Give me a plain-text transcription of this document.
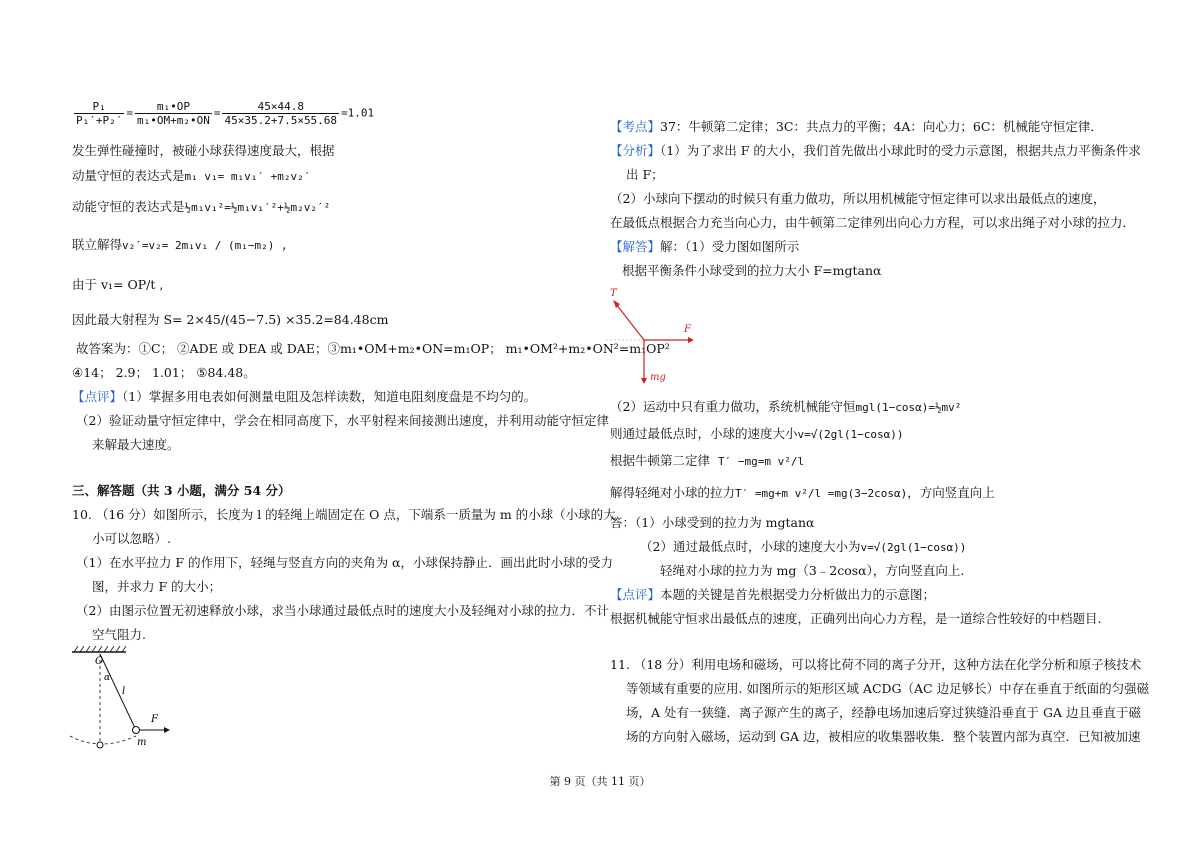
$\frac{\text{P₁}}{\text{P₁′+P₂′}} = \frac{\text{m₁•OP}}{\text{m₁•OM+m₂•ON}} = \frac{45\times 44.8}{45\times 35.2+7.5\times 55.68} =1.01$
发生弹性碰撞时，被碰小球获得速度最大，根据
动量守恒的表达式是m₁ v₁= m₁v₁′ +m₂v₂′
动能守恒的表达式是½m₁v₁²=½m₁v₁′²+½m₂v₂′²
联立解得v₂′=v₂= 2m₁v₁ / (m₁−m₂) ,
由于 v₁= OP/t ,
因此最大射程为 S= 2×45/(45−7.5) ×35.2=84.48cm
故答案为：①C； ②ADE 或 DEA 或 DAE；③m₁•OM+m₂•ON=m₁OP； m₁•OM²+m₂•ON²=m₁OP²
④14； 2.9； 1.01； ⑤84.48。
【点评】（1）掌握多用电表如何测量电阻及怎样读数，知道电阻刻度盘是不均匀的。
（2）验证动量守恒定律中，学会在相同高度下，水平射程来间接测出速度，并利用动能守恒定律
来解最大速度。
三、解答题（共 3 小题，满分 54 分）
10. （16 分）如图所示，长度为 l 的轻绳上端固定在 O 点，下端系一质量为 m 的小球（小球的大
小可以忽略）.
（1）在水平拉力 F 的作用下，轻绳与竖直方向的夹角为 α，小球保持静止．画出此时小球的受力
图，并求力 F 的大小；
（2）由图示位置无初速释放小球，求当小球通过最低点时的速度大小及轻绳对小球的拉力．不计
空气阻力.
O
α
l
F
m
【考点】37：牛顿第二定律；3C：共点力的平衡；4A：向心力；6C：机械能守恒定律．
【分析】（1）为了求出 F 的大小，我们首先做出小球此时的受力示意图，根据共点力平衡条件求
出 F；
（2）小球向下摆动的时候只有重力做功，所以用机械能守恒定律可以求出最低点的速度，
在最低点根据合力充当向心力，由牛顿第二定律列出向心力方程，可以求出绳子对小球的拉力．
【解答】解：（1）受力图如图所示
根据平衡条件小球受到的拉力大小 F=mgtanα
T
F
mg
（2）运动中只有重力做功，系统机械能守恒mgl(1−cosα)=½mv²
则通过最低点时，小球的速度大小v=√(2gl(1−cosα))
根据牛顿第二定律 T′ −mg=m v²/l
解得轻绳对小球的拉力T′ =mg+m v²/l =mg(3−2cosα)，方向竖直向上
答：（1）小球受到的拉力为 mgtanα
（2）通过最低点时，小球的速度大小为v=√(2gl(1−cosα))
轻绳对小球的拉力为 mg（3﹣2cosα），方向竖直向上.
【点评】本题的关键是首先根据受力分析做出力的示意图；
根据机械能守恒求出最低点的速度，正确列出向心力方程，是一道综合性较好的中档题目.
11. （18 分）利用电场和磁场，可以将比荷不同的离子分开，这种方法在化学分析和原子核技术
等领域有重要的应用. 如图所示的矩形区域 ACDG（AC 边足够长）中存在垂直于纸面的匀强磁
场，A 处有一狭缝．离子源产生的离子，经静电场加速后穿过狭缝沿垂直于 GA 边且垂直于磁
场的方向射入磁场，运动到 GA 边，被相应的收集器收集．整个装置内部为真空．已知被加速
第 9 页（共 11 页）
